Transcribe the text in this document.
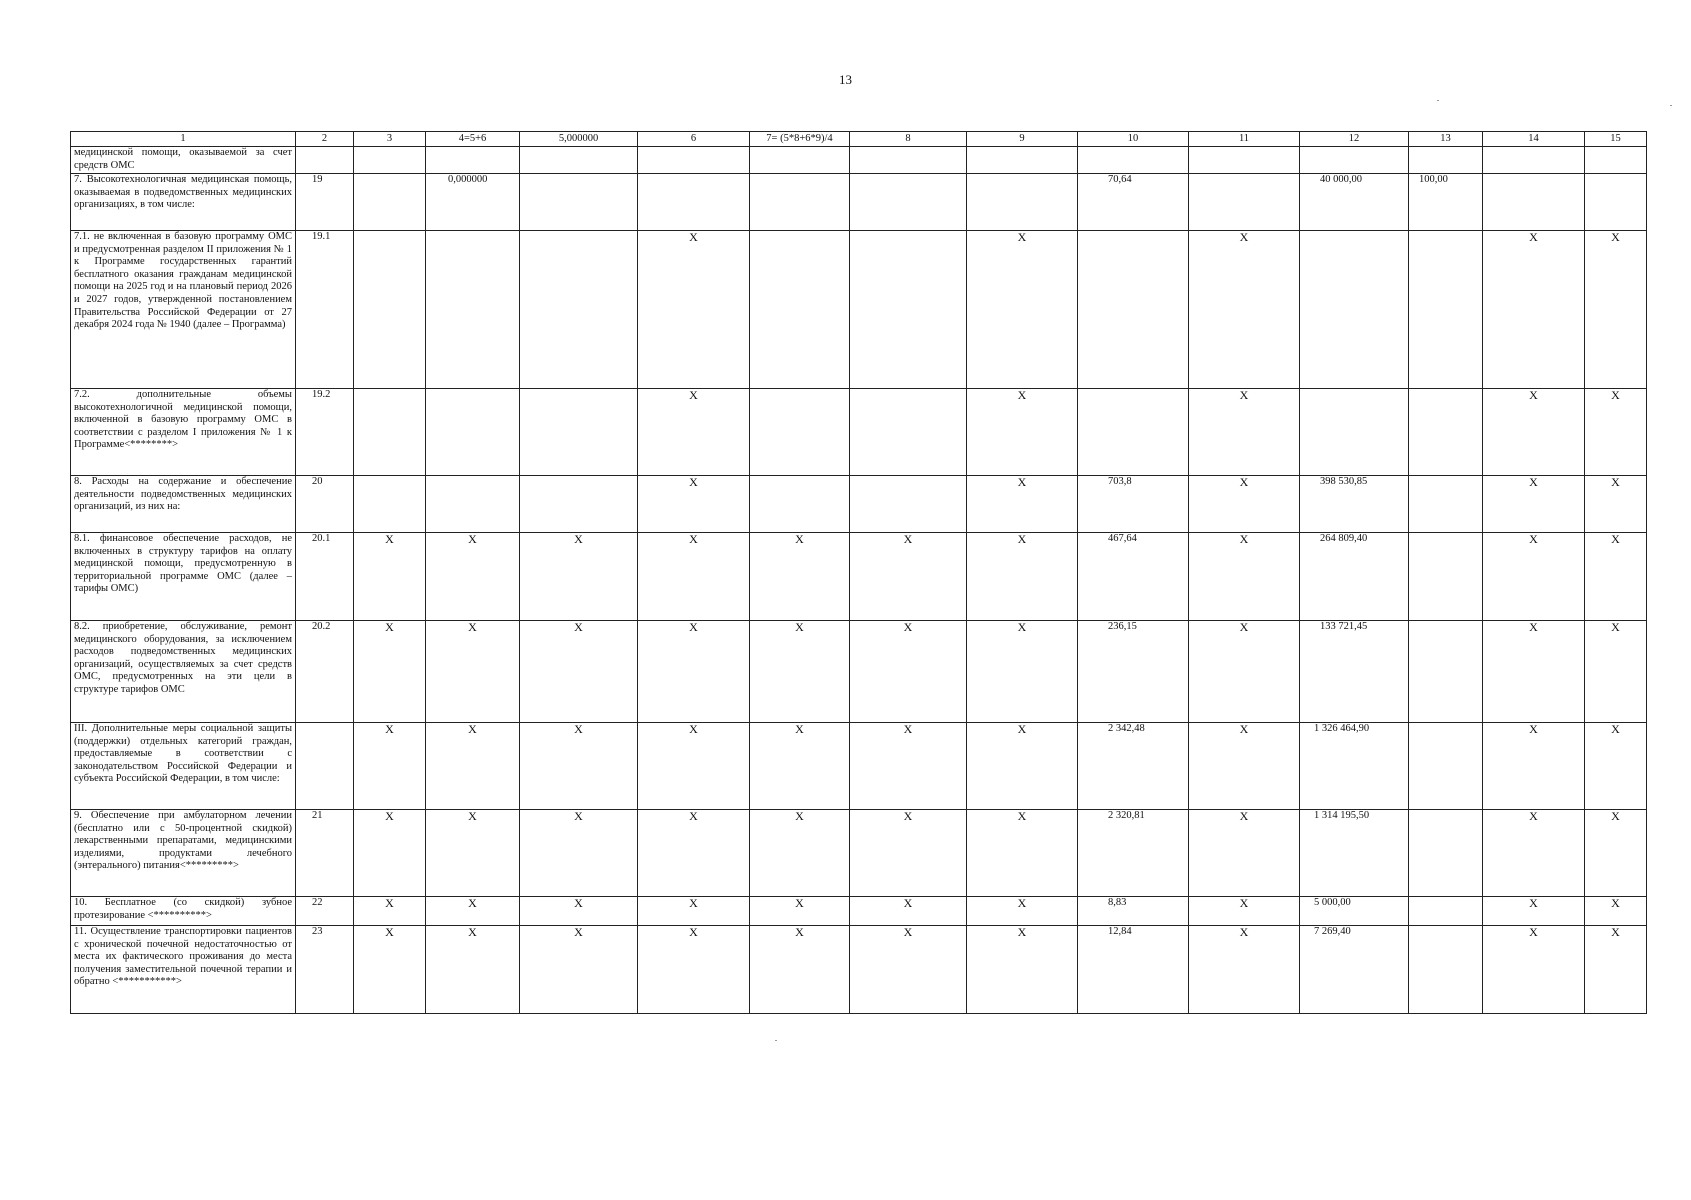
13
1	2	3	4=5+6	5,000000	6	7= (5*8+6*9)/4	8	9	10	11	12	13	14	15
медицинской помощи, оказываемой за счет средств ОМС														
7. Высокотехнологичная медицинская помощь, оказываемая в подведомственных медицинских организациях, в том числе:	19		0,000000						70,64		40 000,00	100,00		
7.1. не включенная в базовую программу ОМС и предусмотренная разделом II приложения № 1 к Программе государственных гарантий бесплатного оказания гражданам медицинской помощи на 2025 год и на плановый период 2026 и 2027 годов, утвержденной постановлением Правительства Российской Федерации от 27 декабря 2024 года № 1940 (далее – Программа)	19.1				X			X		X			X	X
7.2. дополнительные объемы высокотехнологичной медицинской помощи, включенной в базовую программу ОМС в соответствии с разделом I приложения № 1 к Программе<********>	19.2				X			X		X			X	X
8. Расходы на содержание и обеспечение деятельности подведомственных медицинских организаций, из них на:	20				X			X	703,8	X	398 530,85		X	X
8.1. финансовое обеспечение расходов, не включенных в структуру тарифов на оплату медицинской помощи, предусмотренную в территориальной программе ОМС (далее – тарифы ОМС)	20.1	X	X	X	X	X	X	X	467,64	X	264 809,40		X	X
8.2. приобретение, обслуживание, ремонт медицинского оборудования, за исключением расходов подведомственных медицинских организаций, осуществляемых за счет средств ОМС, предусмотренных на эти цели в структуре тарифов ОМС	20.2	X	X	X	X	X	X	X	236,15	X	133 721,45		X	X
III. Дополнительные меры социальной защиты (поддержки) отдельных категорий граждан, предоставляемые в соответствии с законодательством Российской Федерации и субъекта Российской Федерации, в том числе:		X	X	X	X	X	X	X	2 342,48	X	1 326 464,90		X	X
9. Обеспечение при амбулаторном лечении (бесплатно или с 50-процентной скидкой) лекарственными препаратами, медицинскими изделиями, продуктами лечебного (энтерального) питания<*********>	21	X	X	X	X	X	X	X	2 320,81	X	1 314 195,50		X	X
10. Бесплатное (со скидкой) зубное протезирование <**********>	22	X	X	X	X	X	X	X	8,83	X	5 000,00		X	X
11. Осуществление транспортировки пациентов с хронической почечной недостаточностью от места их фактического проживания до места получения заместительной почечной терапии и обратно <***********>	23	X	X	X	X	X	X	X	12,84	X	7 269,40		X	X
